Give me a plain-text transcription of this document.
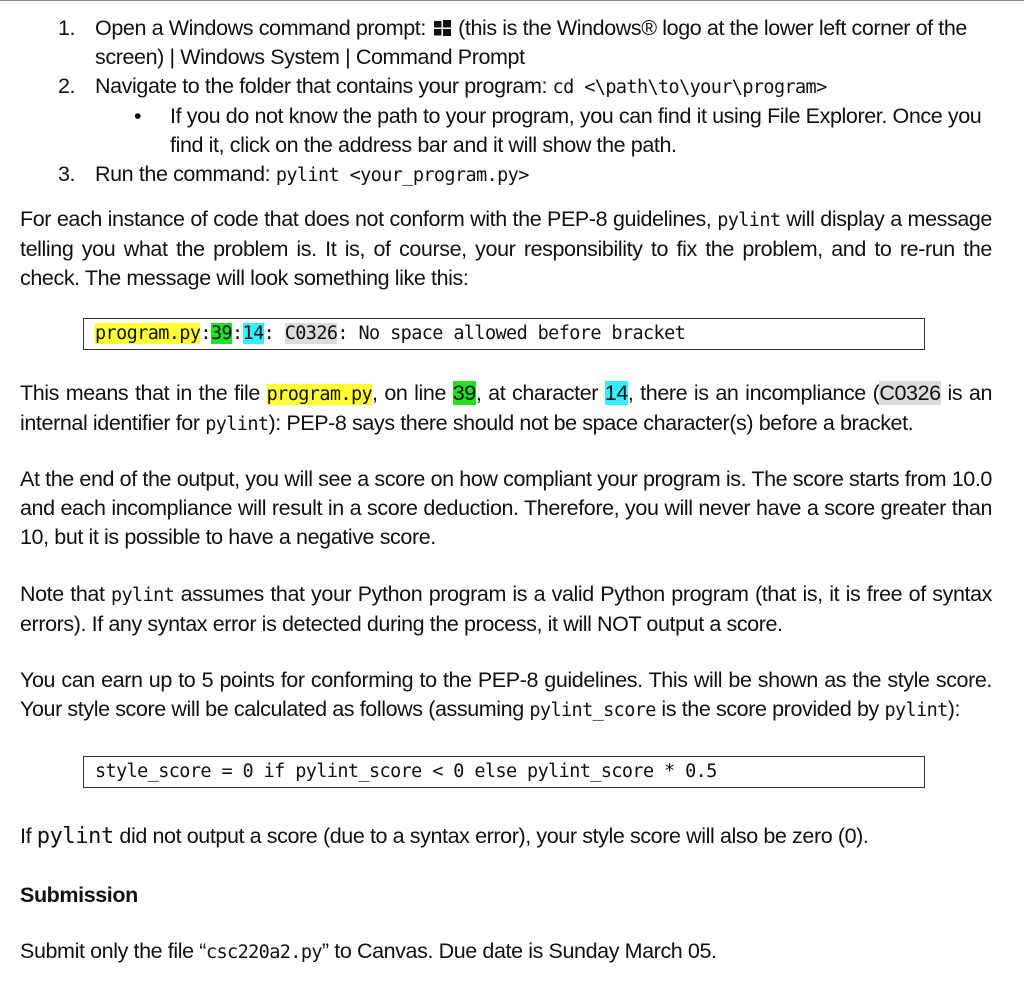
1. Open a Windows command prompt:  (this is the Windows® logo at the lower left corner of the screen) | Windows System | Command Prompt
2. Navigate to the folder that contains your program: cd <\path\to\your\program>
• If you do not know the path to your program, you can find it using File Explorer. Once you find it, click on the address bar and it will show the path.
3. Run the command: pylint <your_program.py>
For each instance of code that does not conform with the PEP-8 guidelines, pylint will display a message telling you what the problem is. It is, of course, your responsibility to fix the problem, and to re-run the check. The message will look something like this:
program.py:39:14: C0326: No space allowed before bracket
This means that in the file program.py, on line 39, at character 14, there is an incompliance (C0326 is an internal identifier for pylint): PEP-8 says there should not be space character(s) before a bracket.
At the end of the output, you will see a score on how compliant your program is. The score starts from 10.0 and each incompliance will result in a score deduction. Therefore, you will never have a score greater than 10, but it is possible to have a negative score.
Note that pylint assumes that your Python program is a valid Python program (that is, it is free of syntax errors). If any syntax error is detected during the process, it will NOT output a score.
You can earn up to 5 points for conforming to the PEP-8 guidelines. This will be shown as the style score. Your style score will be calculated as follows (assuming pylint_score is the score provided by pylint):
style_score = 0 if pylint_score < 0 else pylint_score * 0.5
If pylint did not output a score (due to a syntax error), your style score will also be zero (0).
Submission
Submit only the file “csc220a2.py” to Canvas. Due date is Sunday March 05.
